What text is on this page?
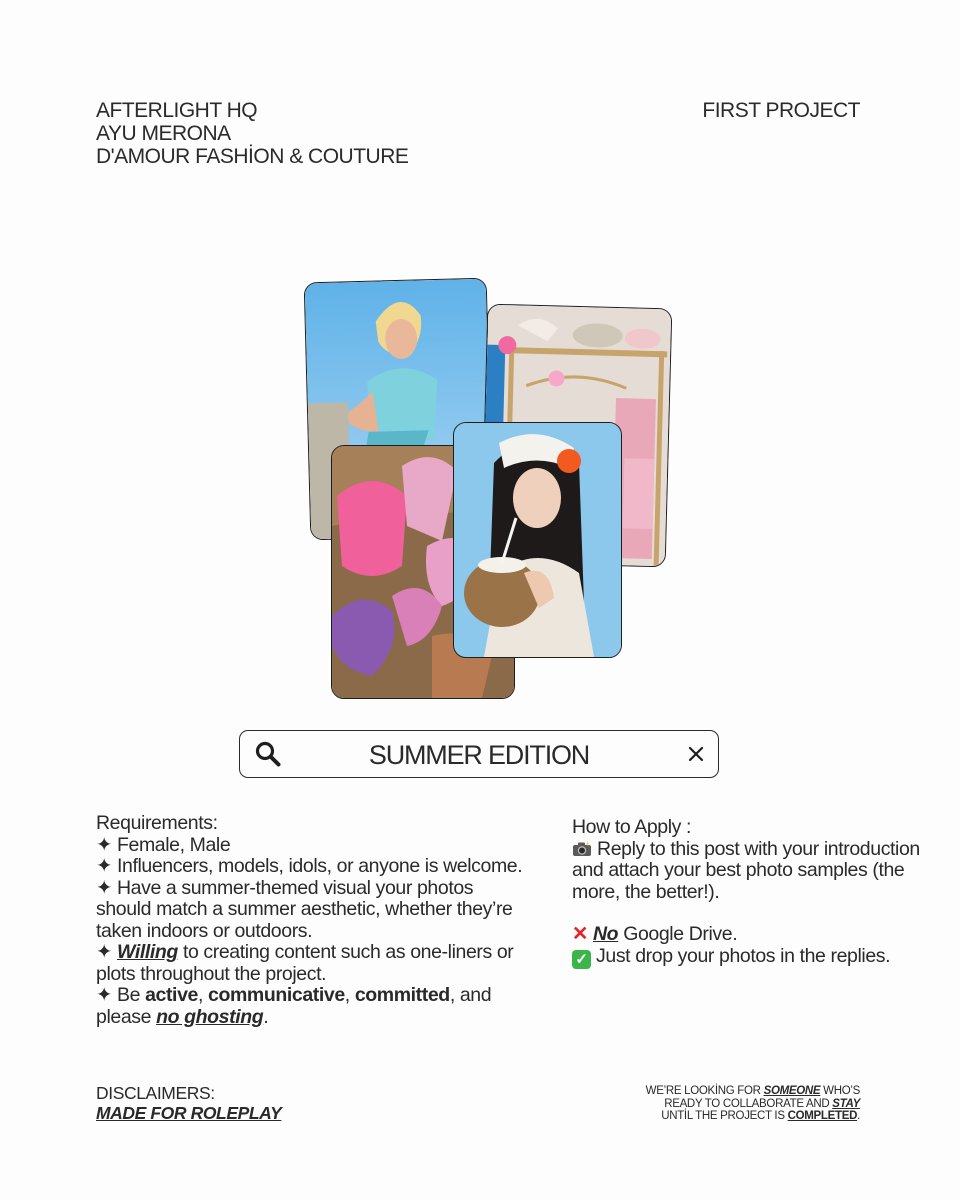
AFTERLIGHT HQ
AYU MERONA
D'AMOUR FASHİON & COUTURE
FIRST PROJECT
SUMMER EDITION
Requirements:
✦ Female, Male
✦ Influencers, models, idols, or anyone is welcome.
✦ Have a summer-themed visual your photos should match a summer aesthetic, whether they’re taken indoors or outdoors.
✦ Willing to creating content such as one-liners or plots throughout the project.
✦ Be active, communicative, committed, and please no ghosting.
How to Apply :
Reply to this post with your introduction and attach your best photo samples (the more, the better!).
✕ No Google Drive.
✓ Just drop your photos in the replies.
DISCLAIMERS:
MADE FOR ROLEPLAY
WE’RE LOOKİNG FOR SOMEONE WHO’S
READY TO COLLABORATE AND STAY
UNTİL THE PROJECT IS COMPLETED.
